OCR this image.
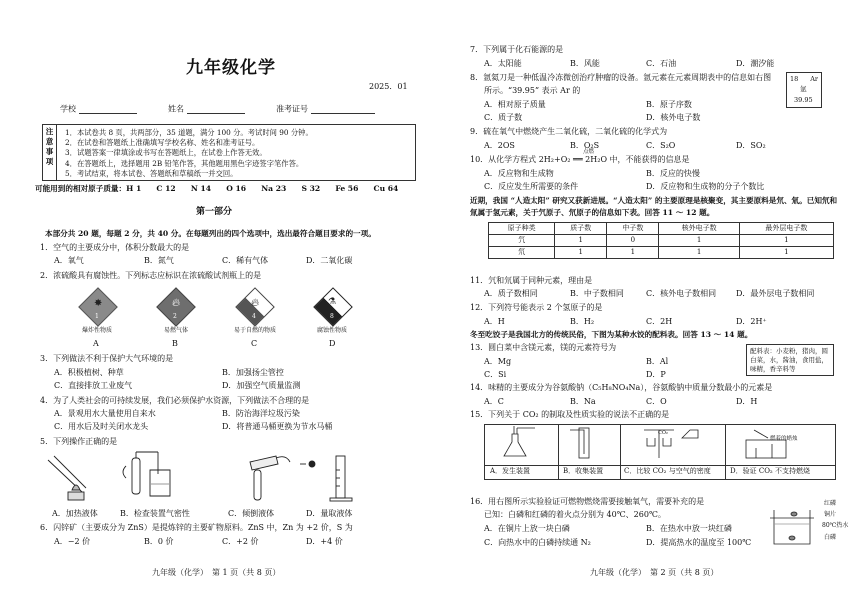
九年级化学
2025．01
学校	姓名	准考证号
注意事项
1．本试卷共 8 页，共两部分，35 道题，满分 100 分。考试时间 90 分钟。
2．在试卷和答题纸上准确填写学校名称、姓名和准考证号。
3．试题答案一律填涂或书写在答题纸上，在试卷上作答无效。
4．在答题纸上，选择题用 2B 铅笔作答，其他题用黑色字迹签字笔作答。
5．考试结束，将本试卷、答题纸和草稿纸一并交回。
可能用到的相对原子质量：H 1　　C 12　　N 14　　O 16　　Na 23　　S 32　　Fe 56　　Cu 64
第一部分
本部分共 20 题，每题 2 分，共 40 分。在每题列出的四个选项中，选出最符合题目要求的一项。
1．空气的主要成分中，体积分数最大的是
A．氧气	B．氮气	C．稀有气体	D．二氧化碳
2．浓硫酸具有腐蚀性。下列标志应标识在浓硫酸试剂瓶上的是
✸
1
爆炸性物质
A
🔥︎
2
易燃气体
B
🔥︎
4
易于自燃的物质
C
⚗
8
腐蚀性物质
D
3．下列做法不利于保护大气环境的是
A．积极植树、种草	B．加强扬尘管控
C．直接排放工业废气	D．加强空气质量监测
4．为了人类社会的可持续发展，我们必须保护水资源，下列做法不合理的是
A．景观用水大量使用自来水	B．防治海洋垃圾污染
C．用水后及时关闭水龙头	D．将普通马桶更换为节水马桶
5．下列操作正确的是
A．加热液体	B．检查装置气密性	C．倾倒液体	D．量取液体
6．闪锌矿（主要成分为 ZnS）是提炼锌的主要矿物原料。ZnS 中，Zn 为 +2 价，S 为
A．−2 价	B．0 价	C．+2 价	D．+4 价
九年级（化学）　第 1 页（共 8 页）
7．下列属于化石能源的是
A．太阳能	B．风能	C．石油	D．潮汐能
8．氩氦刀是一种低温冷冻微创治疗肿瘤的设备。氩元素在元素周期表中的信息如右图
所示。“39.95” 表示 Ar 的
18 Ar
氩
39.95
A．相对原子质量	B．原子序数
C．质子数	D．核外电子数
9．硫在氧气中燃烧产生二氧化硫，二氧化硫的化学式为
A．2OS	B．O₂S	C．S₂O	D．SO₂
10．从化学方程式 2H₂+O₂ ══ 2H₂O 中，不能获得的信息是
点燃
A．反应物和生成物	B．反应的快慢
C．反应发生所需要的条件	D．反应物和生成物的分子个数比
近期，我国 “人造太阳” 研究又获新进展。“人造太阳” 的主要原理是核聚变，其主要原料是氘、氚。已知氘和氚属于氢元素，关于氕原子、氘原子的信息如下表。回答 11 ～ 12 题。
原子种类	质子数	中子数	核外电子数	最外层电子数
氕	1	0	1	1
氘	1	1	1	1
11．氕和氘属于同种元素，理由是
A．质子数相同	B．中子数相同	C．核外电子数相同 D．最外层电子数相同
12．下列符号能表示 2 个氢原子的是
A．H	B．H₂	C．2H	D．2H⁺
冬至吃饺子是我国北方的传统民俗，下图为某种水饺的配料表。回答 13 ～ 14 题。
13．圆白菜中含镁元素，镁的元素符号为	配料表：小麦粉，猪肉，圆白菜，水，酱油，食用盐，味精，香辛料等
A．Mg	B．Al
C．Si	D．P
14．味精的主要成分为谷氨酸钠（C₅H₈NO₄Na），谷氨酸钠中质量分数最小的元素是
A．C	B．Na	C．O	D．H
15．下列关于 CO₂ 的制取及性质实验的说法不正确的是
CO₂
燃着的蜡烛
A．发生装置	B．收集装置	C．比较 CO₂ 与空气的密度	D．验证 CO₂ 不支持燃烧
16．用右图所示实验验证可燃物燃烧需要接触氧气，需要补充的是
已知：白磷和红磷的着火点分别为 40℃、260℃。
A．在铜片上放一块白磷	B．在热水中放一块红磷
C．向热水中的白磷持续通 N₂	D．提高热水的温度至 100℃
红磷
铜片
80℃热水
白磷
九年级（化学）　第 2 页（共 8 页）
